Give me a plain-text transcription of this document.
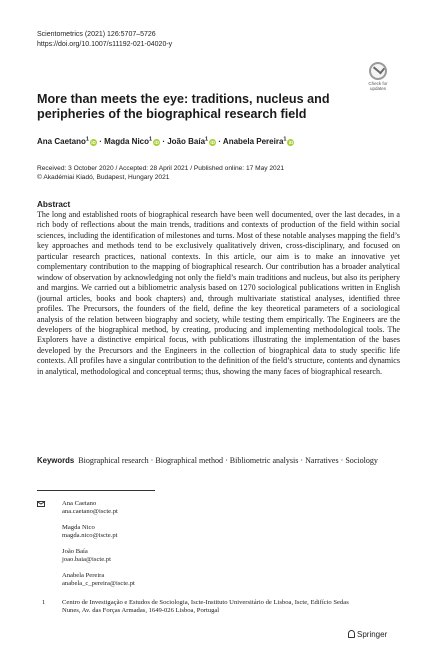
Scientometrics (2021) 126:5707–5726
https://doi.org/10.1007/s11192-021-04020-y
Check for
updates
More than meets the eye: traditions, nucleus and peripheries of the biographical research field
Ana Caetano$^1$iD · Magda Nico$^1$iD · João Baía$^1$iD · Anabela Pereira$^1$iD
Received: 3 October 2020 / Accepted: 28 April 2021 / Published online: 17 May 2021
© Akadémiai Kiadó, Budapest, Hungary 2021
Abstract
The long and established roots of biographical research have been well documented, over the last decades, in a rich body of reflections about the main trends, traditions and contexts of production of the field within social sciences, including the identification of milestones and turns. Most of these notable analyses mapping the field’s key approaches and methods tend to be exclusively qualitatively driven, cross-disciplinary, and focused on particular research practices, national contexts. In this article, our aim is to make an innovative yet complementary contribution to the mapping of biographical research. Our contribution has a broader analytical window of observation by acknowledging not only the field’s main traditions and nucleus, but also its periphery and margins. We carried out a bibliometric analysis based on 1270 sociological publications written in English (journal articles, books and book chapters) and, through multivariate statistical analyses, identified three profiles. The Precursors, the founders of the field, define the key theoretical parameters of a sociological analysis of the relation between biography and society, while testing them empirically. The Engineers are the developers of the biographical method, by creating, producing and implementing methodological tools. The Explorers have a distinctive empirical focus, with publications illustrating the implementation of the bases developed by the Precursors and the Engineers in the collection of biographical data to study specific life contexts. All profiles have a singular contribution to the definition of the field’s structure, contents and dynamics in analytical, methodological and conceptual terms; thus, showing the many faces of biographical research.
Keywords Biographical research · Biographical method · Bibliometric analysis · Narratives · Sociology
Ana Caetano
ana.caetano@iscte.pt
Magda Nico
magda.nico@iscte.pt
João Baía
joao.baia@iscte.pt
Anabela Pereira
anabela_c_pereira@iscte.pt
1	Centro de Investigação e Estudos de Sociologia, Iscte-Instituto Universitário de Lisboa, Iscte, Edifício Sedas Nunes, Av. das Forças Armadas, 1649-026 Lisboa, Portugal
Springer
